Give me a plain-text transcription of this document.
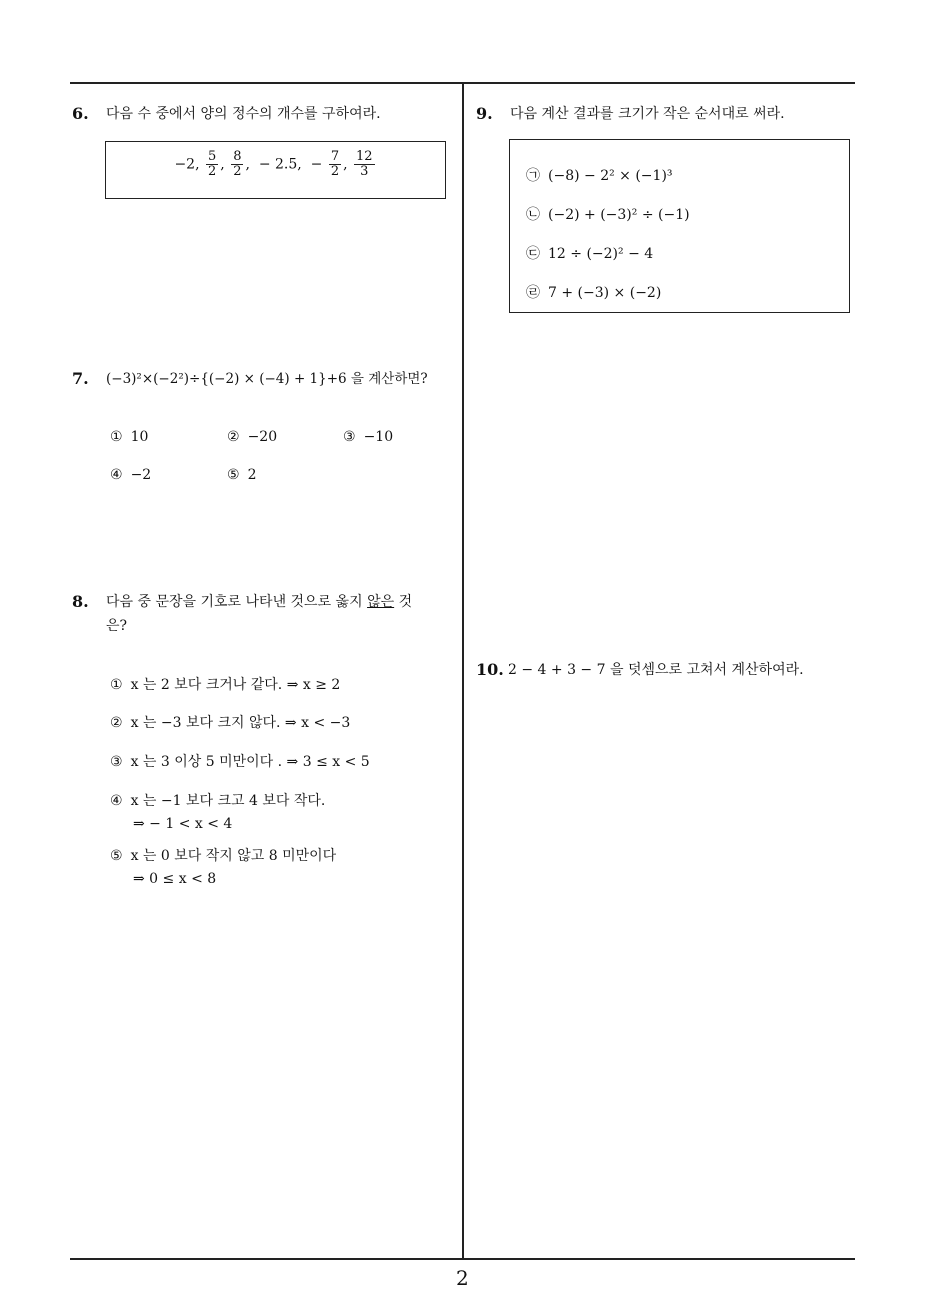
6. 다음 수 중에서 양의 정수의 개수를 구하여라.
−2, $\frac{5}{2}$ , $\frac{8}{2}$ ,  − 2.5,  − $\frac{7}{2}$ , $\frac{12}{3}$
7. (−3)²×(−2²)÷{(−2) × (−4) + 1}+6 을 계산하면?
① 10	② −20	③ −10
④ −2	⑤ 2
8. 다음 중 문장을 기호로 나타낸 것으로 옳지 않은 것
은?
① x 는 2 보다 크거나 같다. ⇒ x ≥ 2
② x 는 −3 보다 크지 않다. ⇒ x < −3
③ x 는 3 이상 5 미만이다 . ⇒ 3 ≤ x < 5
④ x 는 −1 보다 크고 4 보다 작다.
⇒ − 1 < x < 4
⑤ x 는 0 보다 작지 않고 8 미만이다
⇒ 0 ≤ x < 8
9. 다음 계산 결과를 크기가 작은 순서대로 써라.
㉠ (−8) − 2² × (−1)³
㉡ (−2) + (−3)² ÷ (−1)
㉢ 12 ÷ (−2)² − 4
㉣ 7 + (−3) × (−2)
10. 2 − 4 + 3 − 7 을 덧셈으로 고쳐서 계산하여라.
2
